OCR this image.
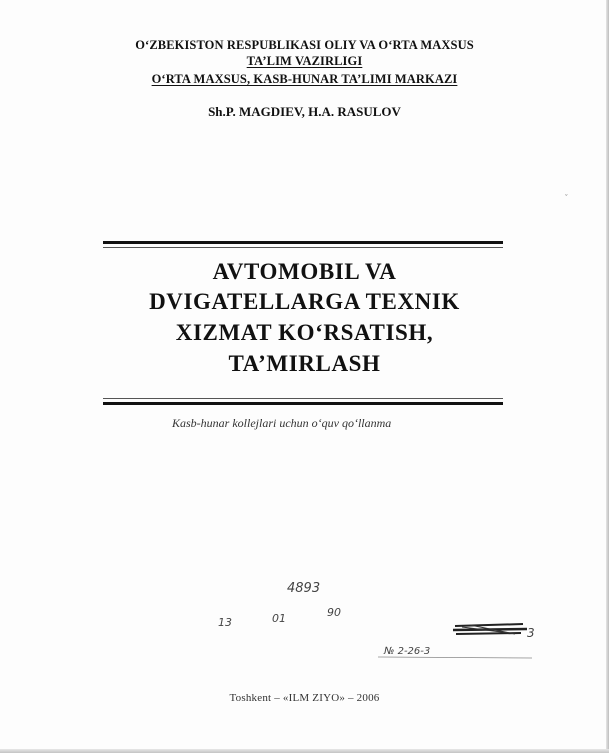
O‘ZBEKISTON RESPUBLIKASI OLIY VA O‘RTA MAXSUS
TA’LIM VAZIRLIGI
O‘RTA MAXSUS, KASB-HUNAR TA’LIMI MARKAZI
Sh.P. MAGDIEV, H.A. RASULOV
ˇ
AVTOMOBIL VA
DVIGATELLARGA TEXNIK
XIZMAT KO‘RSATISH,
TA’MIRLASH
Kasb-hunar kollejlari uchun o‘quv qo‘llanma
4893
13	01	90
3
№ 2-26-3
Toshkent – «ILM ZIYO» – 2006
